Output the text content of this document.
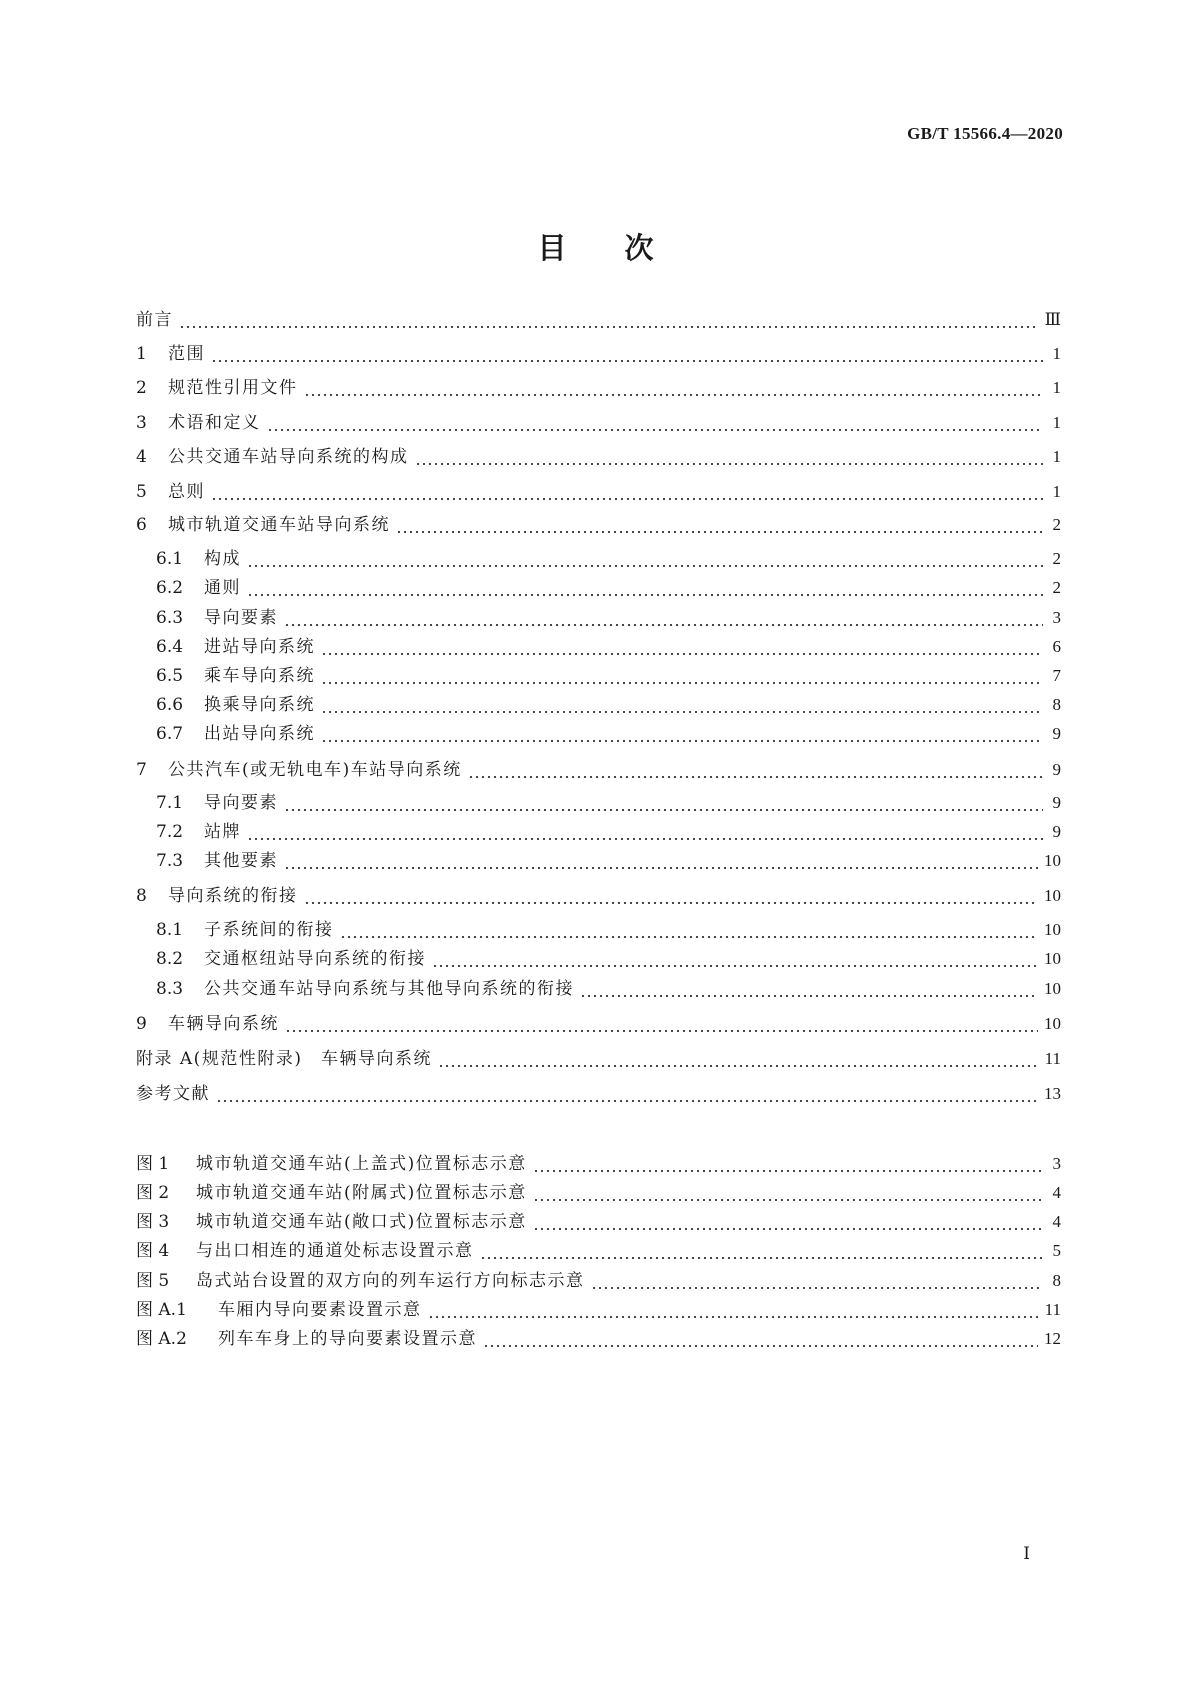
GB/T 15566.4—2020
目　　次
前言	Ⅲ
1	范围	1
2	规范性引用文件	1
3	术语和定义	1
4	公共交通车站导向系统的构成	1
5	总则	1
6	城市轨道交通车站导向系统	2
6.1	构成	2
6.2	通则	2
6.3	导向要素	3
6.4	进站导向系统	6
6.5	乘车导向系统	7
6.6	换乘导向系统	8
6.7	出站导向系统	9
7	公共汽车(或无轨电车)车站导向系统	9
7.1	导向要素	9
7.2	站牌	9
7.3	其他要素	10
8	导向系统的衔接	10
8.1	子系统间的衔接	10
8.2	交通枢纽站导向系统的衔接	10
8.3	公共交通车站导向系统与其他导向系统的衔接	10
9	车辆导向系统	10
附录 A(规范性附录)　车辆导向系统	11
参考文献	13
图 1	城市轨道交通车站(上盖式)位置标志示意	3
图 2	城市轨道交通车站(附属式)位置标志示意	4
图 3	城市轨道交通车站(敞口式)位置标志示意	4
图 4	与出口相连的通道处标志设置示意	5
图 5	岛式站台设置的双方向的列车运行方向标志示意	8
图 A.1	车厢内导向要素设置示意	11
图 A.2	列车车身上的导向要素设置示意	12
Ⅰ
